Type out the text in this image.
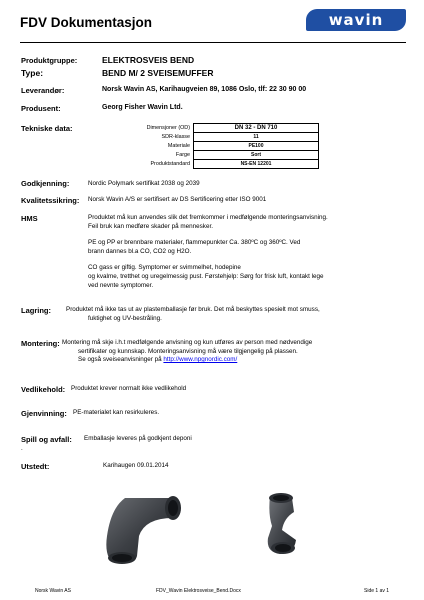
FDV Dokumentasjon	wavin
Produktgruppe:	ELEKTROSVEIS BEND
Type:	BEND M/ 2 SVEISEMUFFER
Leverandør:	Norsk Wavin AS, Karihaugveien 89, 1086 Oslo, tlf: 22 30 90 00
Produsent:	Georg Fisher Wavin Ltd.
Tekniske data:	Dimensjoner (OD)	DN 32 - DN 710
SDR-klasse	11
Materiale	PE100
Farge	Sort
Produktstandard	NS-EN 12201
Godkjenning:	Nordic Polymark sertifikat 2038 og 2039
Kvalitetssikring: Norsk Wavin A/S er sertifisert av DS Sertificering etter ISO 9001
HMS	Produktet må kun anvendes slik det fremkommer i medfølgende monteringsanvisning.
Feil bruk kan medføre skader på mennesker.
PE og PP er brennbare materialer, flammepunkter Ca. 380ºC og 360ºC. Ved
brann dannes bl.a CO, CO2 og H2O.
CO gass er giftig. Symptomer er svimmelhet, hodepine
og kvalme, tretthet og uregelmessig pust. Førstehjelp: Sørg for frisk luft, kontakt lege
ved nevnte symptomer.
Lagring: Produktet må ikke tas ut av plastemballasje før bruk. Det må beskyttes spesielt mot smuss,
fuktighet og UV-bestråling.
Montering: Montering må skje i.h.t medfølgende anvisning og kun utføres av person med nødvendige
sertifikater og kunnskap. Monteringsanvisning må være tilgjengelig på plassen.
Se også sveiseanvisninger på http://www.npgnordic.com/
Vedlikehold: Produktet krever normalt ikke vedlikehold
Gjenvinning: PE-materialet kan resirkuleres.
Spill og avfall: Emballasje leveres på godkjent deponi
.
Utstedt:	Karihaugen 09.01.2014
Norsk Wavin AS	FDV_Wavin Elektrosveise_Bend.Docx	Side 1 av 1
